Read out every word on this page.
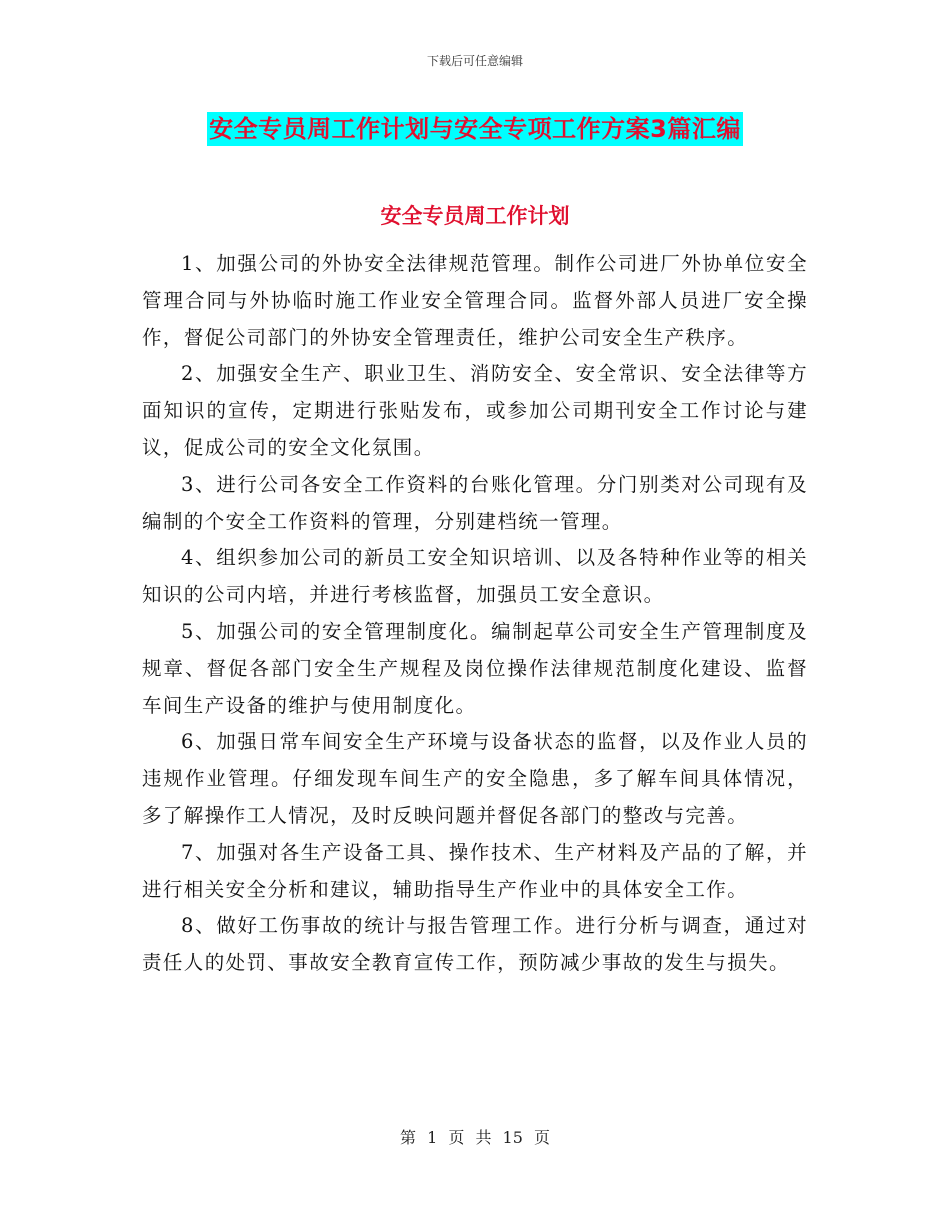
下载后可任意编辑
安全专员周工作计划与安全专项工作方案3篇汇编
安全专员周工作计划

1、加强公司的外协安全法律规范管理。制作公司进厂外协单位安全管理合同与外协临时施工作业安全管理合同。监督外部人员进厂安全操作，督促公司部门的外协安全管理责任，维护公司安全生产秩序。

2、加强安全生产、职业卫生、消防安全、安全常识、安全法律等方面知识的宣传，定期进行张贴发布，或参加公司期刊安全工作讨论与建议，促成公司的安全文化氛围。

3、进行公司各安全工作资料的台账化管理。分门别类对公司现有及编制的个安全工作资料的管理，分别建档统一管理。

4、组织参加公司的新员工安全知识培训、以及各特种作业等的相关知识的公司内培，并进行考核监督，加强员工安全意识。

5、加强公司的安全管理制度化。编制起草公司安全生产管理制度及规章、督促各部门安全生产规程及岗位操作法律规范制度化建设、监督车间生产设备的维护与使用制度化。

6、加强日常车间安全生产环境与设备状态的监督，以及作业人员的违规作业管理。仔细发现车间生产的安全隐患，多了解车间具体情况，多了解操作工人情况，及时反映问题并督促各部门的整改与完善。

7、加强对各生产设备工具、操作技术、生产材料及产品的了解，并进行相关安全分析和建议，辅助指导生产作业中的具体安全工作。

8、做好工伤事故的统计与报告管理工作。进行分析与调查，通过对责任人的处罚、事故安全教育宣传工作，预防减少事故的发生与损失。

第 1 页 共 15 页
